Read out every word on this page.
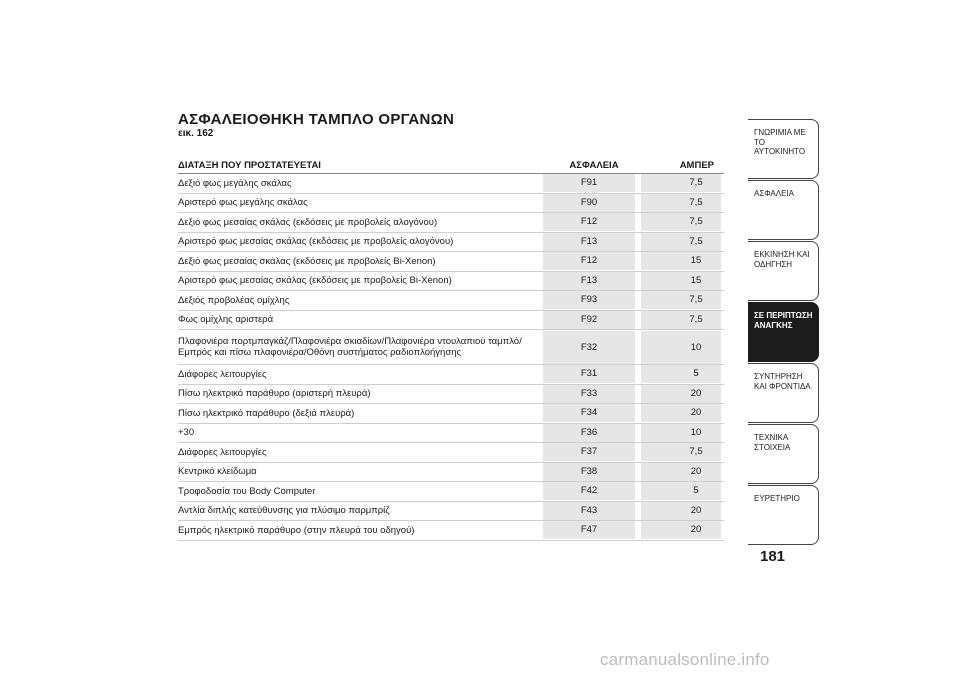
ΑΣΦΑΛΕΙΟΘΗΚΗ ΤΑΜΠΛΟ ΟΡΓΑΝΩΝ
εικ. 162
ΔΙΑΤΑΞΗ ΠΟΥ ΠΡΟΣΤΑΤΕΥΕΤΑΙ	ΑΣΦΑΛΕΙΑ	ΑΜΠΕΡ
Δεξιό φως μεγάλης σκάλας	F91	7,5

Αριστερό φως μεγάλης σκάλας	F90	7,5

Δεξιό φως μεσαίας σκάλας (εκδόσεις με προβολείς αλογόνου)	F12	7,5

Αριστερό φως μεσαίας σκάλας (εκδόσεις με προβολείς αλογόνου)	F13	7,5

Δεξιό φως μεσαίας σκάλας (εκδόσεις με προβολείς Bi-Xenon)	F12	15

Αριστερό φως μεσαίας σκάλας (εκδόσεις με προβολείς Bi-Xenon)	F13	15

Δεξιός προβολέας ομίχλης	F93	7,5

Φως ομίχλης αριστερά	F92	7,5

Πλαφονιέρα πορτμπαγκάζ/Πλαφονιέρα σκιαδίων/Πλαφονιέρα ντουλαπιού ταμπλό/Εμπρός και πίσω πλαφονιέρα/Οθόνη συστήματος ραδιοπλοήγησης	F32	10

Διάφορες λειτουργίες	F31	5

Πίσω ηλεκτρικό παράθυρο (αριστερή πλευρά)	F33	20

Πίσω ηλεκτρικό παράθυρο (δεξιά πλευρά)	F34	20

+30	F36	10

Διάφορες λειτουργίες	F37	7,5

Κεντρικό κλείδωμα	F38	20

Τροφοδοσία του Body Computer	F42	5

Αντλία διπλής κατεύθυνσης για πλύσιμο παρμπρίζ	F43	20

Εμπρός ηλεκτρικό παράθυρο (στην πλευρά του οδηγού)	F47	20
ΓΝΩΡΙΜΙΑ ΜΕ ΤΟ ΑΥΤΟΚΙΝΗΤΟ
ΑΣΦΑΛΕΙΑ
ΕΚΚΙΝΗΣΗ ΚΑΙ ΟΔΗΓΗΣΗ
ΣΕ ΠΕΡΙΠΤΩΣΗ ΑΝΑΓΚΗΣ
ΣΥΝΤΗΡΗΣΗ ΚΑΙ ΦΡΟΝΤΙΔΑ
ΤΕΧΝΙΚΑ ΣΤΟΙΧΕΙΑ
ΕΥΡΕΤΗΡΙΟ
181
carmanualsonline.info
